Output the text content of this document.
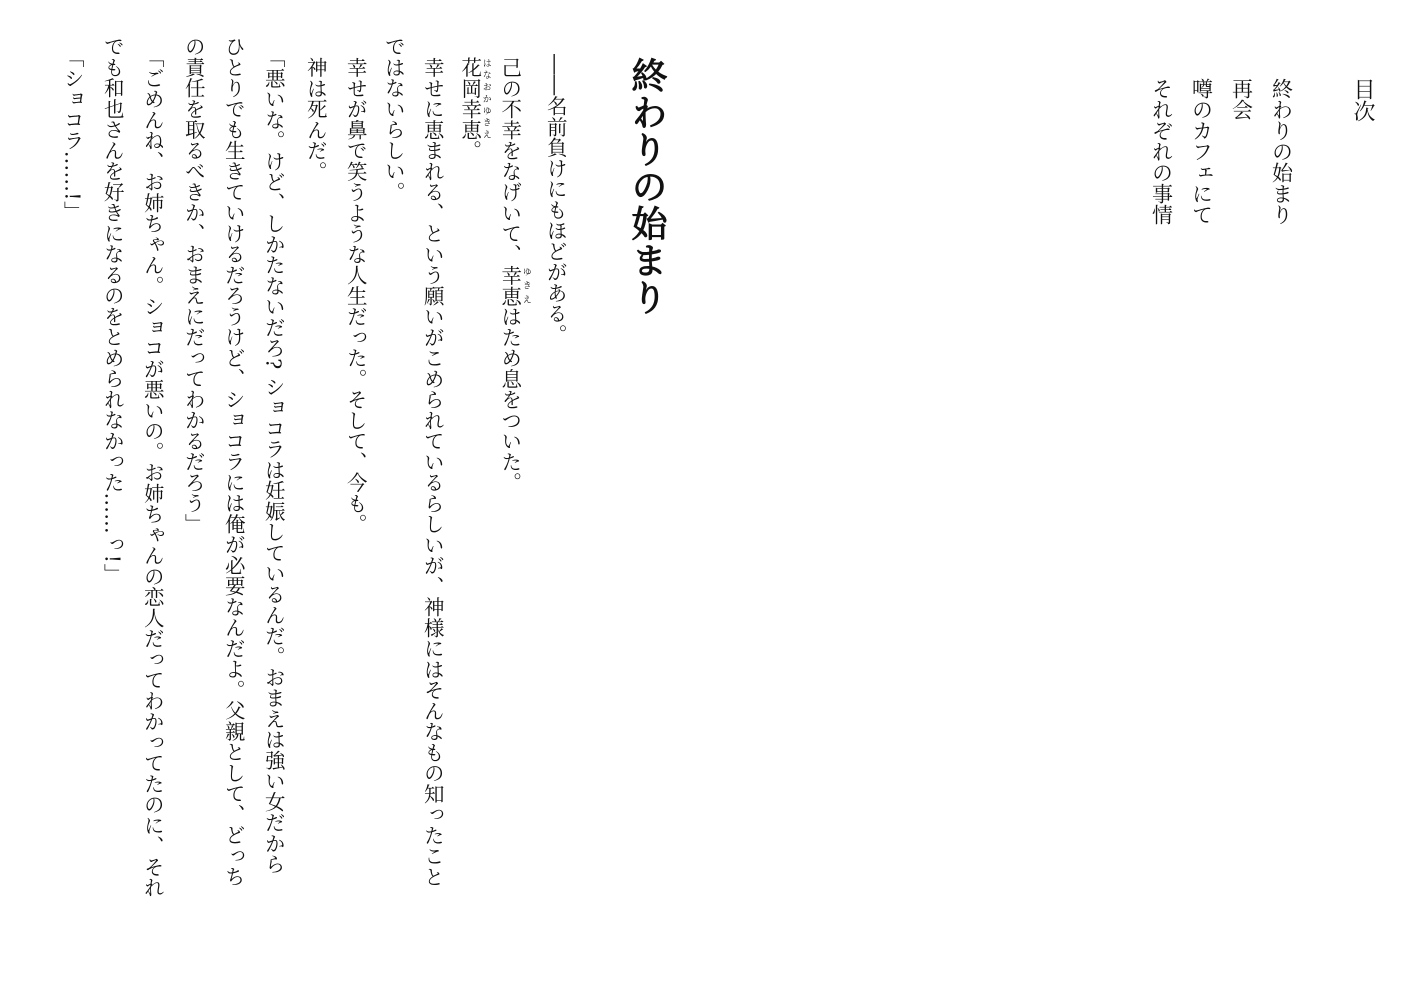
目次
終わりの始まり
再会
噂のカフェにて
それぞれの事情
終わりの始まり
――名前負けにもほどがある。
己の不幸をなげいて、幸恵 ゆきえはため息をついた。
花岡幸恵 はなおかゆきえ。
幸せに恵まれる、という願いがこめられているらしいが、神様にはそんなもの知ったこと
ではないらしい。
幸せが鼻で笑うような人生だった。そして、今も。
神は死んだ。
「悪いな。けど、しかたないだろ? ショコラは妊娠しているんだ。おまえは強い女だから
ひとりでも生きていけるだろうけど、ショコラには俺が必要なんだよ。父親として、どっち
の責任を取るべきか、おまえにだってわかるだろう」
「ごめんね、お姉ちゃん。ショコが悪いの。お姉ちゃんの恋人だってわかってたのに、それ
でも和也さんを好きになるのをとめられなかった……っ!」
「ショコラ……!」
